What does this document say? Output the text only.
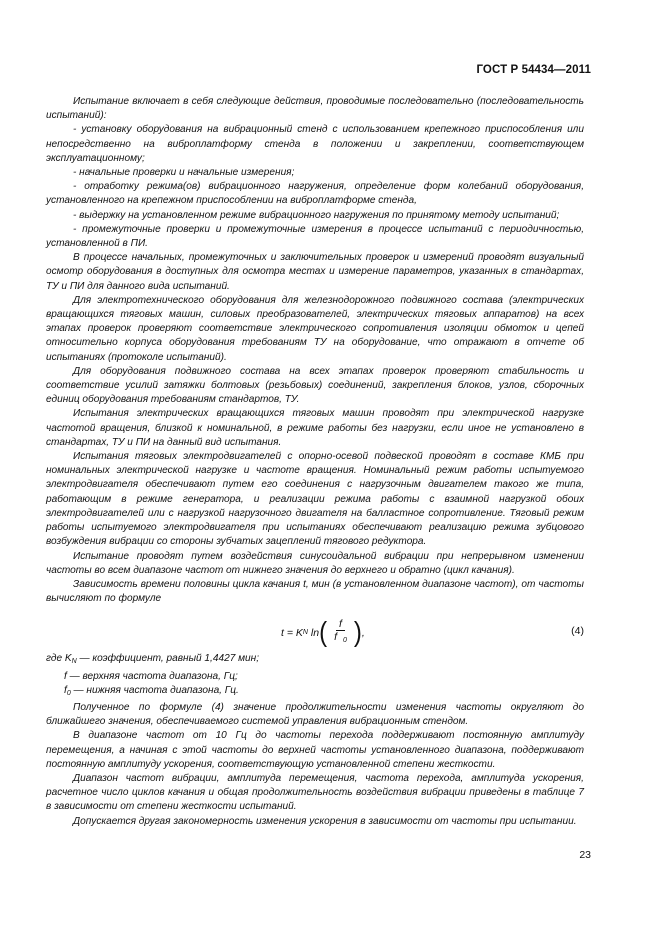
ГОСТ Р 54434—2011

Испытание включает в себя следующие действия, проводимые последовательно (последовательность испытаний):

- установку оборудования на вибрационный стенд с использованием крепежного приспособления или непосредственно на виброплатформу стенда в положении и закреплении, соответствующем эксплуатационному;

- начальные проверки и начальные измерения;

- отработку режима(ов) вибрационного нагружения, определение форм колебаний оборудования, установленного на крепежном приспособлении на виброплатформе стенда,

- выдержку на установленном режиме вибрационного нагружения по принятому методу испытаний;

- промежуточные проверки и промежуточные измерения в процессе испытаний с периодичностью, установленной в ПИ.

В процессе начальных, промежуточных и заключительных проверок и измерений проводят визуальный осмотр оборудования в доступных для осмотра местах и измерение параметров, указанных в стандартах, ТУ и ПИ для данного вида испытаний.

Для электротехнического оборудования для железнодорожного подвижного состава (электрических вращающихся тяговых машин, силовых преобразователей, электрических тяговых аппаратов) на всех этапах проверок проверяют соответствие электрического сопротивления изоляции обмоток и цепей относительно корпуса оборудования требованиям ТУ на оборудование, что отражают в отчете об испытаниях (протоколе испытаний).

Для оборудования подвижного состава на всех этапах проверок проверяют стабильность и соответствие усилий затяжки болтовых (резьбовых) соединений, закрепления блоков, узлов, сборочных единиц оборудования требованиям стандартов, ТУ.

Испытания электрических вращающихся тяговых машин проводят при электрической нагрузке частотой вращения, близкой к номинальной, в режиме работы без нагрузки, если иное не установлено в стандартах, ТУ и ПИ на данный вид испытания.

Испытания тяговых электродвигателей с опорно-осевой подвеской проводят в составе КМБ при номинальных электрической нагрузке и частоте вращения. Номинальный режим работы испытуемого электродвигателя обеспечивают путем его соединения с нагрузочным двигателем такого же типа, работающим в режиме генератора, и реализации режима работы с взаимной нагрузкой обоих электродвигателей или с нагрузкой нагрузочного двигателя на балластное сопротивление. Тяговый режим работы испытуемого электродвигателя при испытаниях обеспечивают реализацию режима зубцового возбуждения вибрации со стороны зубчатых зацеплений тягового редуктора.

Испытание проводят путем воздействия синусоидальной вибрации при непрерывном изменении частоты во всем диапазоне частот от нижнего значения до верхнего и обратно (цикл качания).

Зависимость времени половины цикла качания t, мин (в установленном диапазоне частот), от частоты вычисляют по формуле

t = K N
ln ( $\frac{f}{f _0}$ ) ,	(4)

где $K_N$ — коэффициент, равный 1,4427 мин;

f — верхняя частота диапазона, Гц;

$f_0$ — нижняя частота диапазона, Гц.

Полученное по формуле (4) значение продолжительности изменения частоты округляют до ближайшего значения, обеспечиваемого системой управления вибрационным стендом.

В диапазоне частот от 10 Гц до частоты перехода поддерживают постоянную амплитуду перемещения, а начиная с этой частоты до верхней частоты установленного диапазона, поддерживают постоянную амплитуду ускорения, соответствующую установленной степени жесткости.

Диапазон частот вибрации, амплитуда перемещения, частота перехода, амплитуда ускорения, расчетное число циклов качания и общая продолжительность воздействия вибрации приведены в таблице 7 в зависимости от степени жесткости испытаний.

Допускается другая закономерность изменения ускорения в зависимости от частоты при испытании.

23
